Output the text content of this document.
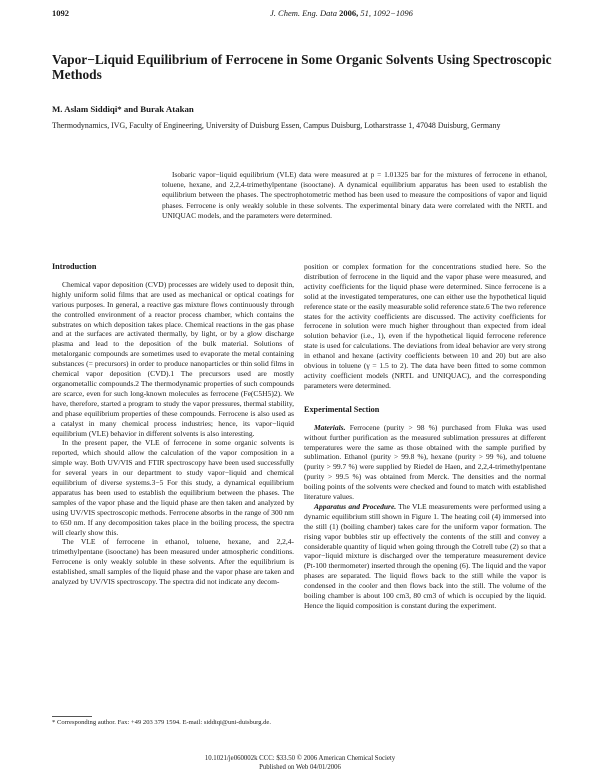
1092	J. Chem. Eng. Data 2006, 51, 1092−1096
Vapor−Liquid Equilibrium of Ferrocene in Some Organic Solvents Using Spectroscopic Methods
M. Aslam Siddiqi* and Burak Atakan
Thermodynamics, IVG, Faculty of Engineering, University of Duisburg Essen, Campus Duisburg, Lotharstrasse 1, 47048 Duisburg, Germany
Isobaric vapor−liquid equilibrium (VLE) data were measured at p = 1.01325 bar for the mixtures of ferrocene in ethanol, toluene, hexane, and 2,2,4-trimethylpentane (isooctane). A dynamical equilibrium apparatus has been used to establish the equilibrium between the phases. The spectrophotometric method has been used to measure the compositions of vapor and liquid phases. Ferrocene is only weakly soluble in these solvents. The experimental binary data were correlated with the NRTL and UNIQUAC models, and the parameters were determined.
Introduction

Chemical vapor deposition (CVD) processes are widely used to deposit thin, highly uniform solid films that are used as mechanical or optical coatings for various purposes. In general, a reactive gas mixture flows continuously through the controlled environment of a reactor process chamber, which contains the substrates on which deposition takes place. Chemical reactions in the gas phase and at the surfaces are activated thermally, by light, or by a glow discharge plasma and lead to the deposition of the bulk material. Solutions of metalorganic compounds are sometimes used to evaporate the metal containing substances (= precursors) in order to produce nanoparticles or thin solid films in chemical vapor deposition (CVD).1 The precursors used are mostly organometallic compounds.2 The thermodynamic properties of such compounds are scarce, even for such long-known molecules as ferrocene (Fe(C5H5)2). We have, therefore, started a program to study the vapor pressures, thermal stability, and phase equilibrium properties of these compounds. Ferrocene is also used as a catalyst in many chemical process industries; hence, its vapor−liquid equilibrium (VLE) behavior in different solvents is also interesting.

In the present paper, the VLE of ferrocene in some organic solvents is reported, which should allow the calculation of the vapor composition in a simple way. Both UV/VIS and FTIR spectroscopy have been used successfully for several years in our department to study vapor−liquid and chemical equilibrium of diverse systems.3−5 For this study, a dynamical equilibrium apparatus has been used to establish the equilibrium between the phases. The samples of the vapor phase and the liquid phase are then taken and analyzed by using UV/VIS spectroscopic methods. Ferrocene absorbs in the range of 300 nm to 650 nm. If any decomposition takes place in the boiling process, the spectra will clearly show this.

The VLE of ferrocene in ethanol, toluene, hexane, and 2,2,4-trimethylpentane (isooctane) has been measured under atmospheric conditions. Ferrocene is only weakly soluble in these solvents. After the equilibrium is established, small samples of the liquid phase and the vapor phase are taken and analyzed by UV/VIS spectroscopy. The spectra did not indicate any decom-

position or complex formation for the concentrations studied here. So the distribution of ferrocene in the liquid and the vapor phase were measured, and activity coefficients for the liquid phase were determined. Since ferrocene is a solid at the investigated temperatures, one can either use the hypothetical liquid reference state or the easily measurable solid reference state.6 The two reference states for the activity coefficients are discussed. The activity coefficients for ferrocene in solution were much higher throughout than expected from ideal solution behavior (i.e., 1), even if the hypothetical liquid ferrocene reference state is used for calculations. The deviations from ideal behavior are very strong in ethanol and hexane (activity coefficients between 10 and 20) but are also obvious in toluene (γ = 1.5 to 2). The data have been fitted to some common activity coefficient models (NRTL and UNIQUAC), and the corresponding parameters were determined.

Experimental Section

Materials. Ferrocene (purity > 98 %) purchased from Fluka was used without further purification as the measured sublimation pressures at different temperatures were the same as those obtained with the sample purified by sublimation. Ethanol (purity > 99.8 %), hexane (purity > 99 %), and toluene (purity > 99.7 %) were supplied by Riedel de Haen, and 2,2,4-trimethylpentane (purity > 99.5 %) was obtained from Merck. The densities and the normal boiling points of the solvents were checked and found to match with established literature values.

Apparatus and Procedure. The VLE measurements were performed using a dynamic equilibrium still shown in Figure 1. The heating coil (4) immersed into the still (1) (boiling chamber) takes care for the uniform vapor formation. The rising vapor bubbles stir up effectively the contents of the still and convey a considerable quantity of liquid when going through the Cotrell tube (2) so that a vapor−liquid mixture is discharged over the temperature measurement device (Pt-100 thermometer) inserted through the opening (6). The liquid and the vapor phases are separated. The liquid flows back to the still while the vapor is condensed in the cooler and then flows back into the still. The volume of the boiling chamber is about 100 cm3, 80 cm3 of which is occupied by the liquid. Hence the liquid composition is constant during the experiment.

* Corresponding author. Fax: +49 203 379 1594. E-mail: siddiqi@uni-duisburg.de.
10.1021/je060002k CCC: $33.50 © 2006 American Chemical Society
Published on Web 04/01/2006
